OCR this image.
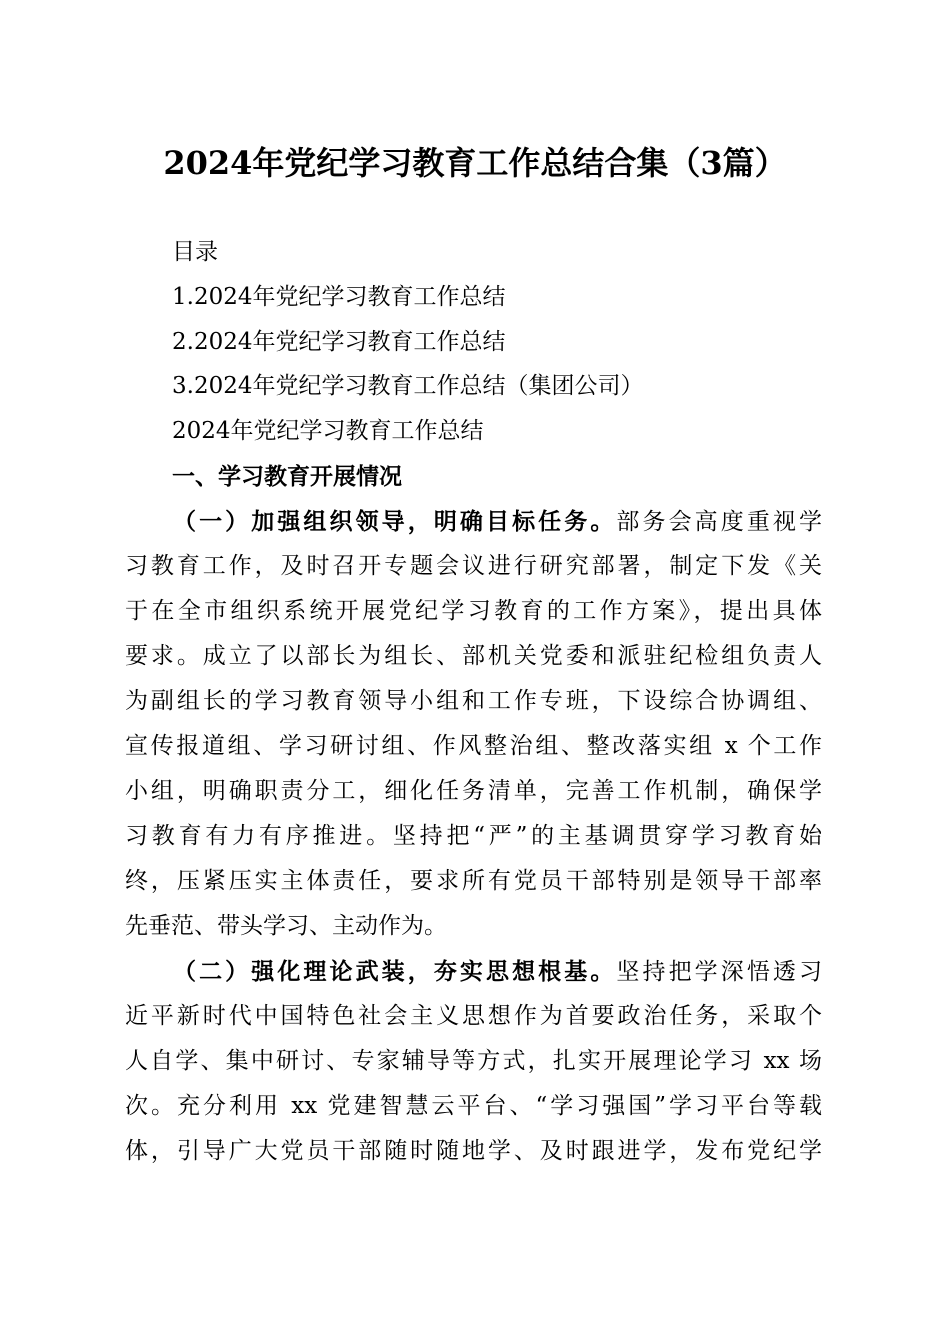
2024年党纪学习教育工作总结合集（3篇）
目录
1.2024年党纪学习教育工作总结
2.2024年党纪学习教育工作总结
3.2024年党纪学习教育工作总结（集团公司）
2024年党纪学习教育工作总结
一、学习教育开展情况
（一）加强组织领导，明确目标任务。部务会高度重视学
习教育工作，及时召开专题会议进行研究部署，制定下发《关
于在全市组织系统开展党纪学习教育的工作方案》，提出具体
要求。成立了以部长为组长、部机关党委和派驻纪检组负责人
为副组长的学习教育领导小组和工作专班，下设综合协调组、
宣传报道组、学习研讨组、作风整治组、整改落实组 x 个工作
小组，明确职责分工，细化任务清单，完善工作机制，确保学
习教育有力有序推进。坚持把“严”的主基调贯穿学习教育始
终，压紧压实主体责任，要求所有党员干部特别是领导干部率
先垂范、带头学习、主动作为。
（二）强化理论武装，夯实思想根基。坚持把学深悟透习
近平新时代中国特色社会主义思想作为首要政治任务，采取个
人自学、集中研讨、专家辅导等方式，扎实开展理论学习 xx 场
次。充分利用 xx 党建智慧云平台、“学习强国”学习平台等载
体，引导广大党员干部随时随地学、及时跟进学，发布党纪学
